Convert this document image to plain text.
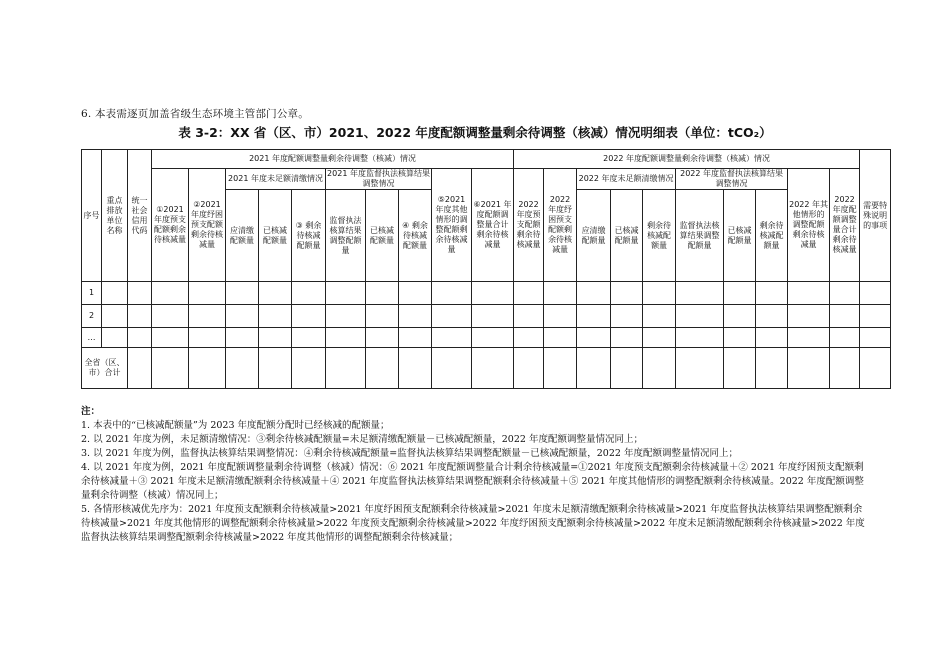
6. 本表需逐页加盖省级生态环境主管部门公章。
表 3-2：XX 省（区、市）2021、2022 年度配额调整量剩余待调整（核减）情况明细表（单位：tCO₂）
序号	重点排放单位名称	统一社会信用代码	2021 年度配额调整量剩余待调整（核减）情况										2022 年度配额调整量剩余待调整（核减）情况										需要特殊说明的事项
			①2021 年度预支配额剩余待核减量	②2021 年度纾困预支配额剩余待核减量	2021 年度未足额清缴情况			2021 年度监督执法核算结果调整情况			⑤2021 年度其他情形的调整配额剩余待核减量	⑥2021 年度配额调整量合计剩余待核减量	2022 年度预支配额剩余待核减量	2022 年度纾困预支配额剩余待核减量	2022 年度未足额清缴情况			2022 年度监督执法核算结果调整情况			2022 年其他情形的调整配额剩余待核减量	2022 年度配额调整量合计剩余待核减量	
					应清缴配额量	已核减配额量	③ 剩余待核减配额量	监督执法核算结果调整配额量	已核减配额量	④ 剩余待核减配额量					应清缴配额量	已核减配额量	剩余待核减配额量	监督执法核算结果调整配额量	已核减配额量	剩余待核减配额量			
1																							
2																							
…																							
全省（区、市）合计																							
注：
1. 本表中的“已核减配额量”为 2023 年度配额分配时已经核减的配额量；
2. 以 2021 年度为例，未足额清缴情况：③剩余待核减配额量=未足额清缴配额量－已核减配额量，2022 年度配额调整量情况同上；
3. 以 2021 年度为例，监督执法核算结果调整情况：④剩余待核减配额量=监督执法核算结果调整配额量－已核减配额量，2022 年度配额调整量情况同上；
4. 以 2021 年度为例，2021 年度配额调整量剩余待调整（核减）情况：⑥ 2021 年度配额调整量合计剩余待核减量=①2021 年度预支配额剩余待核减量＋② 2021 年度纾困预支配额剩余待核减量＋③ 2021 年度未足额清缴配额剩余待核减量＋④ 2021 年度监督执法核算结果调整配额剩余待核减量＋⑤ 2021 年度其他情形的调整配额剩余待核减量。2022 年度配额调整量剩余待调整（核减）情况同上；
5. 各情形核减优先序为：2021 年度预支配额剩余待核减量>2021 年度纾困预支配额剩余待核减量>2021 年度未足额清缴配额剩余待核减量>2021 年度监督执法核算结果调整配额剩余待核减量>2021 年度其他情形的调整配额剩余待核减量>2022 年度预支配额剩余待核减量>2022 年度纾困预支配额剩余待核减量>2022 年度未足额清缴配额剩余待核减量>2022 年度监督执法核算结果调整配额剩余待核减量>2022 年度其他情形的调整配额剩余待核减量；
